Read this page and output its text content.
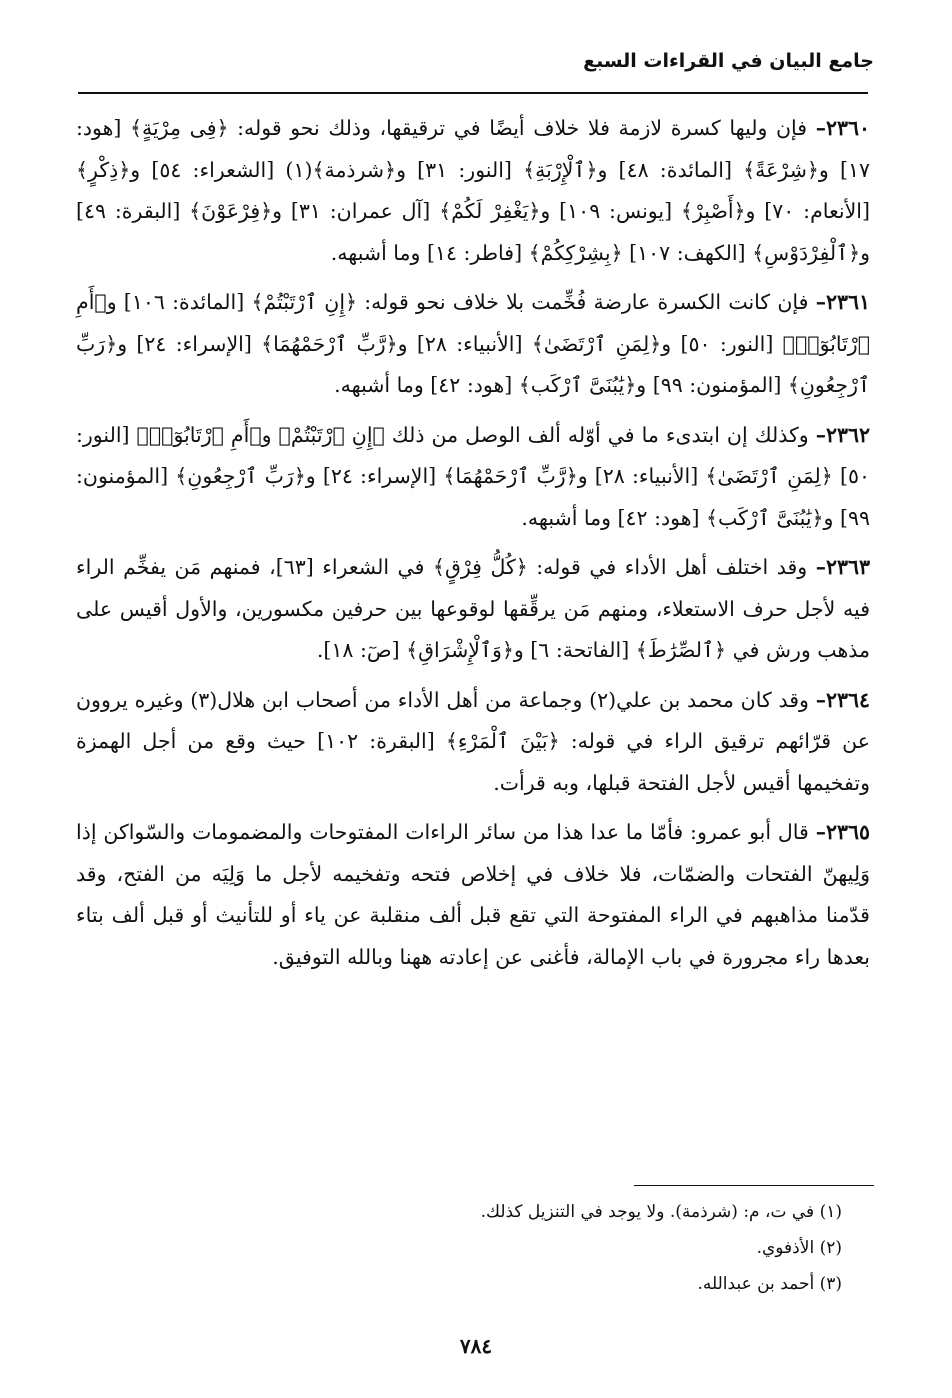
جامع البيان في القراءات السبع

٢٣٦٠– فإن وليها كسرة لازمة فلا خلاف أيضًا في ترقيقها، وذلك نحو قوله: ﴿فِى مِرْيَةٍ﴾ [هود: ١٧] و﴿شِرْعَةً﴾ [المائدة: ٤٨] و﴿ٱلْإِرْبَةِ﴾ [النور: ٣١] و﴿شرذمة﴾(١) [الشعراء: ٥٤] و﴿ذِكْرٍ﴾ [الأنعام: ٧٠] و﴿أَصْبِرْ﴾ [يونس: ١٠٩] و﴿يَغْفِرْ لَكُمْ﴾ [آل عمران: ٣١] و﴿فِرْعَوْنَ﴾ [البقرة: ٤٩] و﴿ٱلْفِرْدَوْسِ﴾ [الكهف: ١٠٧] ﴿بِشِرْكِكُمْ﴾ [فاطر: ١٤] وما أشبهه.

٢٣٦١– فإن كانت الكسرة عارضة فُخِّمت بلا خلاف نحو قوله: ﴿إِنِ ٱرْتَبْتُمْ﴾ [المائدة: ١٠٦] و﴿أَمِ ٱرْتَابُوٓا۟﴾ [النور: ٥٠] و﴿لِمَنِ ٱرْتَضَىٰ﴾ [الأنبياء: ٢٨] و﴿رَّبِّ ٱرْحَمْهُمَا﴾ [الإسراء: ٢٤] و﴿رَبِّ ٱرْجِعُونِ﴾ [المؤمنون: ٩٩] و﴿يَٰبُنَىَّ ٱرْكَب﴾ [هود: ٤٢] وما أشبهه.

٢٣٦٢– وكذلك إن ابتدىء ما في أوّله ألف الوصل من ذلك ﴿إِنِ ٱرْتَبْتُمْ﴾ و﴿أَمِ ٱرْتَابُوٓا۟﴾ [النور: ٥٠] ﴿لِمَنِ ٱرْتَضَىٰ﴾ [الأنبياء: ٢٨] و﴿رَّبِّ ٱرْحَمْهُمَا﴾ [الإسراء: ٢٤] و﴿رَبِّ ٱرْجِعُونِ﴾ [المؤمنون: ٩٩] و﴿يَٰبُنَىَّ ٱرْكَب﴾ [هود: ٤٢] وما أشبهه.

٢٣٦٣– وقد اختلف أهل الأداء في قوله: ﴿كُلُّ فِرْقٍ﴾ في الشعراء [٦٣]، فمنهم مَن يفخِّم الراء فيه لأجل حرف الاستعلاء، ومنهم مَن يرقِّقها لوقوعها بين حرفين مكسورين، والأول أقيس على مذهب ورش في ﴿ٱلصِّرَٰطَ﴾ [الفاتحة: ٦] و﴿وَٱلْإِشْرَاقِ﴾ [صٓ: ١٨].

٢٣٦٤– وقد كان محمد بن علي(٢) وجماعة من أهل الأداء من أصحاب ابن هلال(٣) وغيره يروون عن قرّائهم ترقيق الراء في قوله: ﴿بَيْنَ ٱلْمَرْءِ﴾ [البقرة: ١٠٢] حيث وقع من أجل الهمزة وتفخيمها أقيس لأجل الفتحة قبلها، وبه قرأت.

٢٣٦٥– قال أبو عمرو: فأمّا ما عدا هذا من سائر الراءات المفتوحات والمضمومات والسّواكن إذا وَلِيهنّ الفتحات والضمّات، فلا خلاف في إخلاص فتحه وتفخيمه لأجل ما وَلِيَه من الفتح، وقد قدّمنا مذاهبهم في الراء المفتوحة التي تقع قبل ألف منقلبة عن ياء أو للتأنيث أو قبل ألف بتاء بعدها راء مجرورة في باب الإمالة، فأغنى عن إعادته ههنا وبالله التوفيق.

(١) في ت، م: (شرذمة). ولا يوجد في التنزيل كذلك.

(٢) الأذفوي.

(٣) أحمد بن عبدالله.

٧٨٤
